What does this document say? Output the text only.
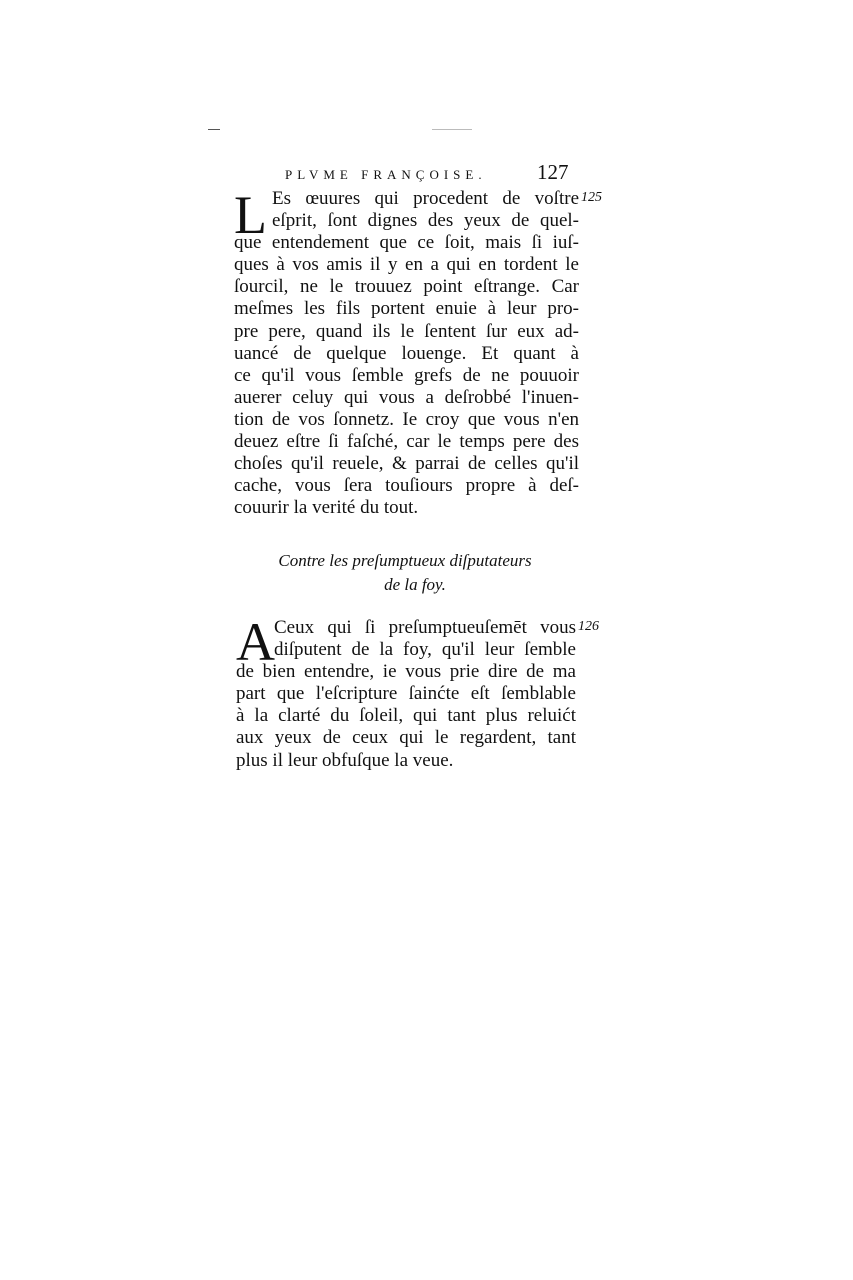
PLVME FRANÇOISE. 127
L	125
Es œuures qui procedent de voſtre
eſprit, ſont dignes des yeux de quel-
que entendement que ce ſoit, mais ſi iuſ-
ques à vos amis il y en a qui en tordent le
ſourcil, ne le trouuez point eſtrange. Car
meſmes les fils portent enuie à leur pro-
pre pere, quand ils le ſentent ſur eux ad-
uancé de quelque louenge. Et quant à
ce qu'il vous ſemble grefs de ne pouuoir
auerer celuy qui vous a deſrobbé l'inuen-
tion de vos ſonnetz. Ie croy que vous n'en
deuez eſtre ſi faſché, car le temps pere des
choſes qu'il reuele, & parrai de celles qu'il
cache, vous ſera touſiours propre à deſ-
couurir la verité du tout.
Contre les preſumptueux diſputateurs
de la foy.
A	126
Ceux qui ſi preſumptueuſemēt vous
diſputent de la foy, qu'il leur ſemble
de bien entendre, ie vous prie dire de ma
part que l'eſcripture ſainćte eſt ſemblable
à la clarté du ſoleil, qui tant plus reluićt
aux yeux de ceux qui le regardent, tant
plus il leur obfuſque la veue.
